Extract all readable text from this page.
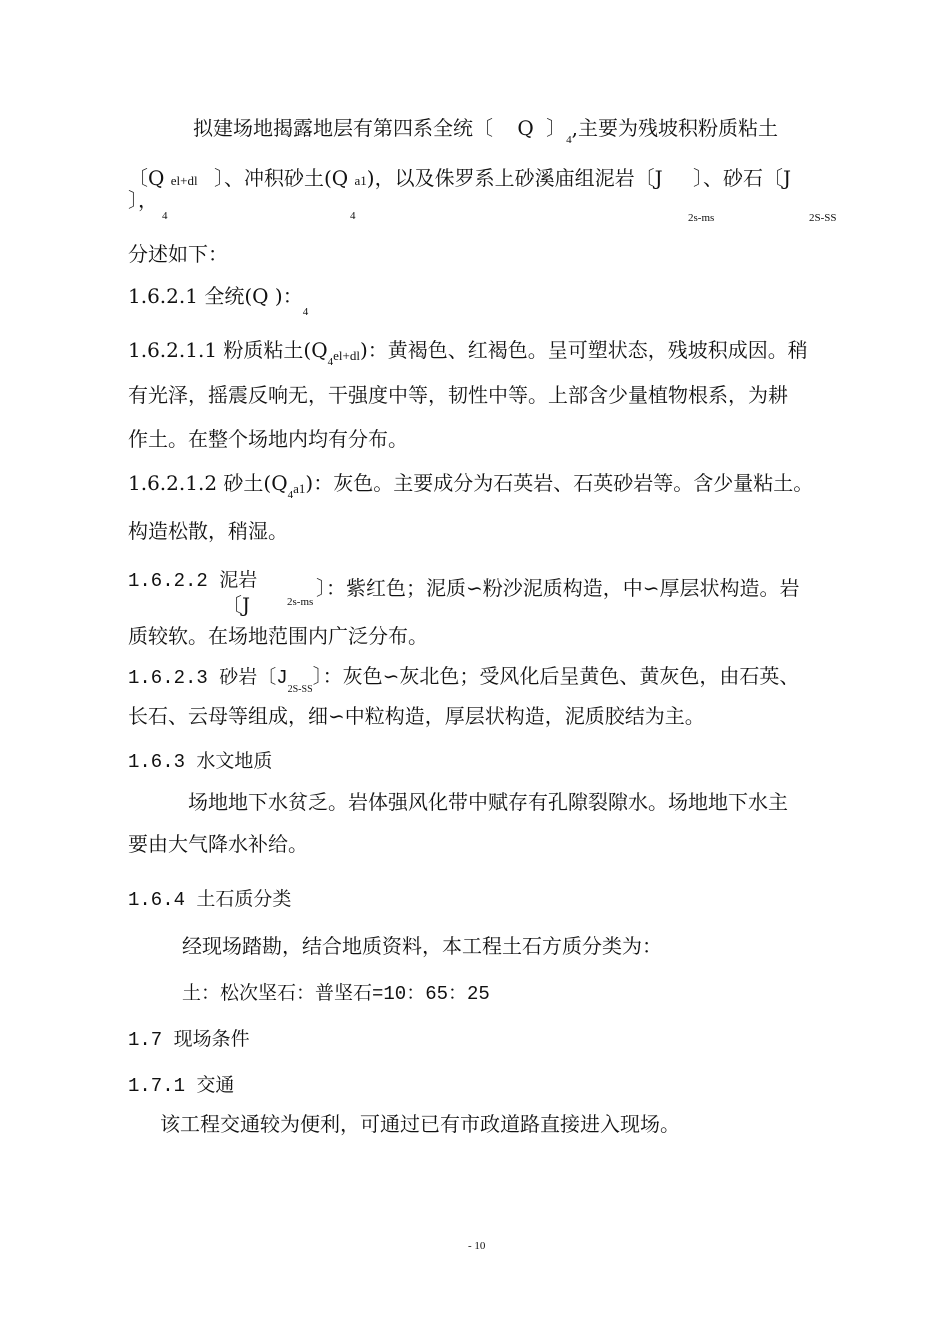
拟建场地揭露地层有第四系全统〔 Q 〕$_4$,主要为残坡积粉质粘土
〔Q el+dl 〕、冲积砂土(Q a1)，以及侏罗系上砂溪庙组泥岩〔J 〕、砂石〔J
〕，
4	4	2s-ms	2S-SS
分述如下：
1.6.2.1 全统(Q )：$_4$
1.6.2.1.1 粉质粘土$(Q_4el+dl)$：黄褐色、红褐色。呈可塑状态，残坡积成因。稍
有光泽，摇震反响无，干强度中等，韧性中等。上部含少量植物根系，为耕
作土。在整个场地内均有分布。
1.6.2.1.2 砂土$(Q_4a1)$：灰色。主要成分为石英岩、石英砂岩等。含少量粘土。
构造松散，稍湿。
1.6.2.2 泥岩
〔J	2s-ms
〕：紫红色；泥质∽粉沙泥质构造，中∽厚层状构造。岩
质较软。在场地范围内广泛分布。
1.6.2.3 砂岩〔$J_{2S-SS}$〕：灰色∽灰北色；受风化后呈黄色、黄灰色，由石英、
长石、云母等组成，细∽中粒构造，厚层状构造，泥质胶结为主。
1.6.3 水文地质
场地地下水贫乏。岩体强风化带中赋存有孔隙裂隙水。场地地下水主
要由大气降水补给。
1.6.4 土石质分类
经现场踏勘，结合地质资料，本工程土石方质分类为：
土：松次坚石：普坚石=10：65：25
1.7 现场条件
1.7.1 交通
该工程交通较为便利，可通过已有市政道路直接进入现场。
- 10
